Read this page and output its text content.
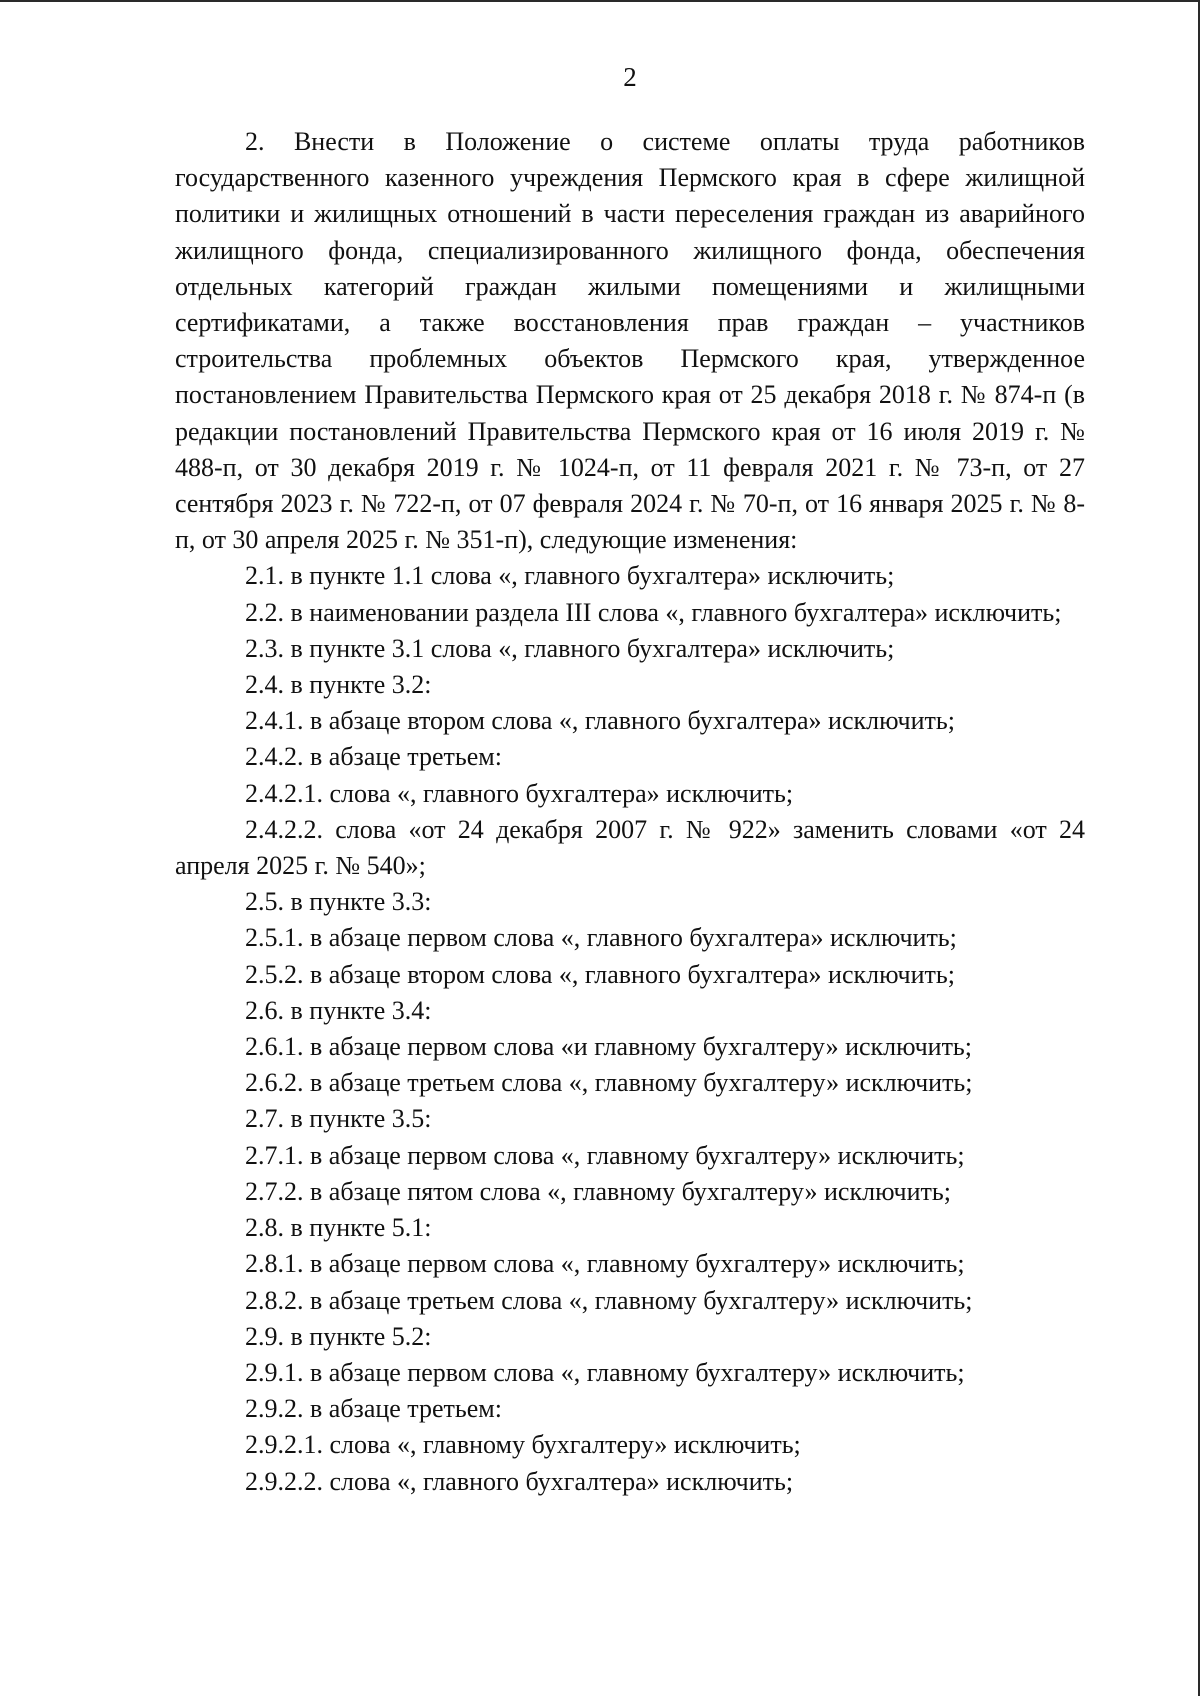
2

2. Внести в Положение о системе оплаты труда работников государственного казенного учреждения Пермского края в сфере жилищной политики и жилищных отношений в части переселения граждан из аварийного жилищного фонда, специализированного жилищного фонда, обеспечения отдельных категорий граждан жилыми помещениями и жилищными сертификатами, а также восстановления прав граждан – участников строительства проблемных объектов Пермского края, утвержденное постановлением Правительства Пермского края от 25 декабря 2018 г. № 874-п (в редакции постановлений Правительства Пермского края от 16 июля 2019 г. № 488-п, от 30 декабря 2019 г. № 1024-п, от 11 февраля 2021 г. № 73-п, от 27 сентября 2023 г. № 722-п, от 07 февраля 2024 г. № 70-п, от 16 января 2025 г. № 8-п, от 30 апреля 2025 г. № 351-п), следующие изменения:

2.1. в пункте 1.1 слова «, главного бухгалтера» исключить;

2.2. в наименовании раздела III слова «, главного бухгалтера» исключить;

2.3. в пункте 3.1 слова «, главного бухгалтера» исключить;

2.4. в пункте 3.2:

2.4.1. в абзаце втором слова «, главного бухгалтера» исключить;

2.4.2. в абзаце третьем:

2.4.2.1. слова «, главного бухгалтера» исключить;

2.4.2.2. слова «от 24 декабря 2007 г. № 922» заменить словами «от 24 апреля 2025 г. № 540»;

2.5. в пункте 3.3:

2.5.1. в абзаце первом слова «, главного бухгалтера» исключить;

2.5.2. в абзаце втором слова «, главного бухгалтера» исключить;

2.6. в пункте 3.4:

2.6.1. в абзаце первом слова «и главному бухгалтеру» исключить;

2.6.2. в абзаце третьем слова «, главному бухгалтеру» исключить;

2.7. в пункте 3.5:

2.7.1. в абзаце первом слова «, главному бухгалтеру» исключить;

2.7.2. в абзаце пятом слова «, главному бухгалтеру» исключить;

2.8. в пункте 5.1:

2.8.1. в абзаце первом слова «, главному бухгалтеру» исключить;

2.8.2. в абзаце третьем слова «, главному бухгалтеру» исключить;

2.9. в пункте 5.2:

2.9.1. в абзаце первом слова «, главному бухгалтеру» исключить;

2.9.2. в абзаце третьем:

2.9.2.1. слова «, главному бухгалтеру» исключить;

2.9.2.2. слова «, главного бухгалтера» исключить;
